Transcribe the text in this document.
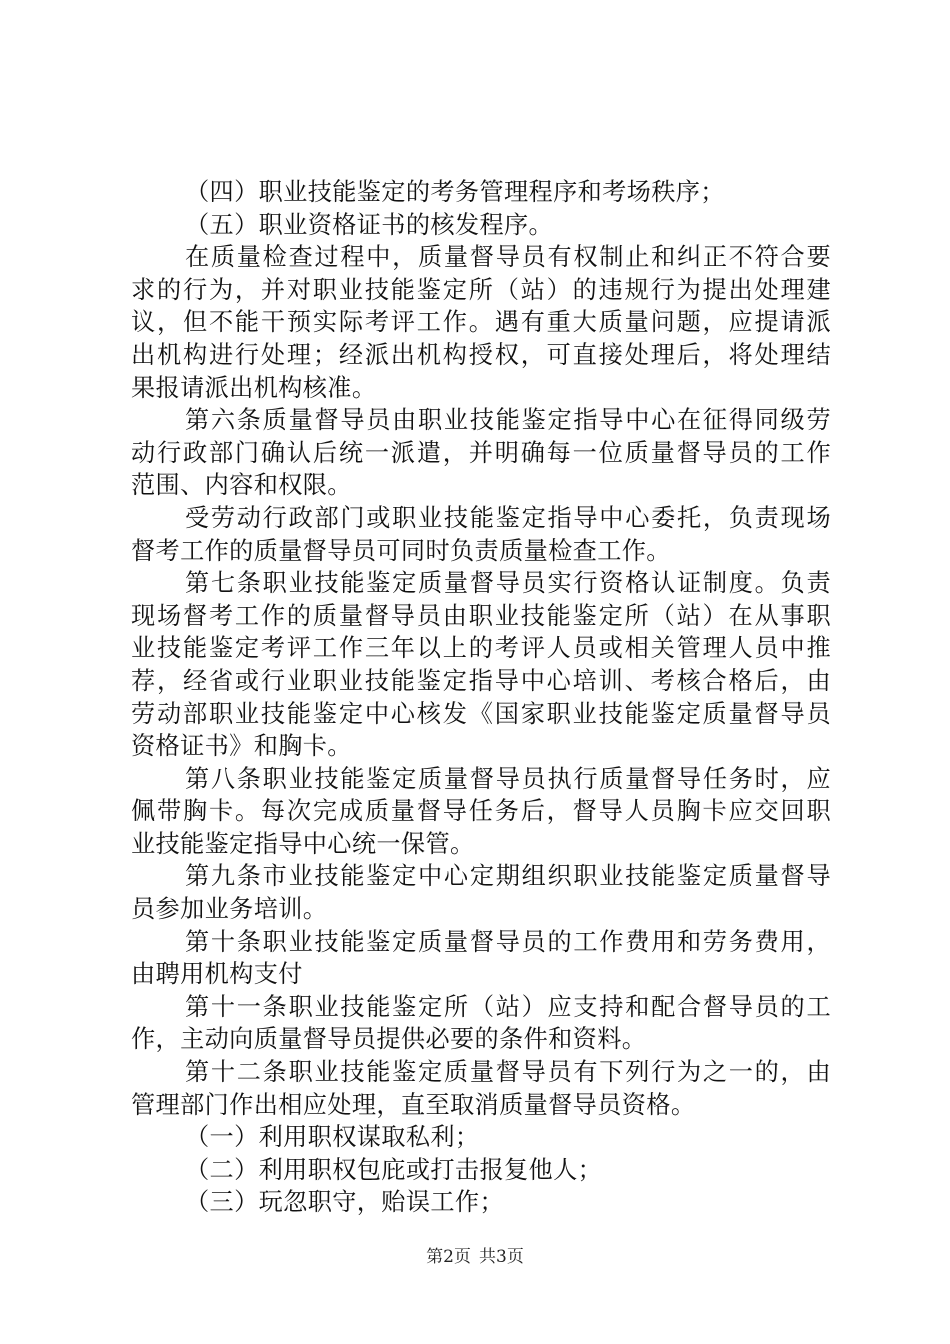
（四）职业技能鉴定的考务管理程序和考场秩序；
（五）职业资格证书的核发程序。
在质量检查过程中，质量督导员有权制止和纠正不符合要
求的行为，并对职业技能鉴定所（站）的违规行为提出处理建
议，但不能干预实际考评工作。遇有重大质量问题，应提请派
出机构进行处理；经派出机构授权，可直接处理后，将处理结
果报请派出机构核准。
第六条质量督导员由职业技能鉴定指导中心在征得同级劳
动行政部门确认后统一派遣，并明确每一位质量督导员的工作
范围、内容和权限。
受劳动行政部门或职业技能鉴定指导中心委托，负责现场
督考工作的质量督导员可同时负责质量检查工作。
第七条职业技能鉴定质量督导员实行资格认证制度。负责
现场督考工作的质量督导员由职业技能鉴定所（站）在从事职
业技能鉴定考评工作三年以上的考评人员或相关管理人员中推
荐，经省或行业职业技能鉴定指导中心培训、考核合格后，由
劳动部职业技能鉴定中心核发《国家职业技能鉴定质量督导员
资格证书》和胸卡。
第八条职业技能鉴定质量督导员执行质量督导任务时，应
佩带胸卡。每次完成质量督导任务后，督导人员胸卡应交回职
业技能鉴定指导中心统一保管。
第九条市业技能鉴定中心定期组织职业技能鉴定质量督导
员参加业务培训。
第十条职业技能鉴定质量督导员的工作费用和劳务费用，
由聘用机构支付
第十一条职业技能鉴定所（站）应支持和配合督导员的工
作，主动向质量督导员提供必要的条件和资料。
第十二条职业技能鉴定质量督导员有下列行为之一的，由
管理部门作出相应处理，直至取消质量督导员资格。
（一）利用职权谋取私利；
（二）利用职权包庇或打击报复他人；
（三）玩忽职守，贻误工作；
第2页 共3页
